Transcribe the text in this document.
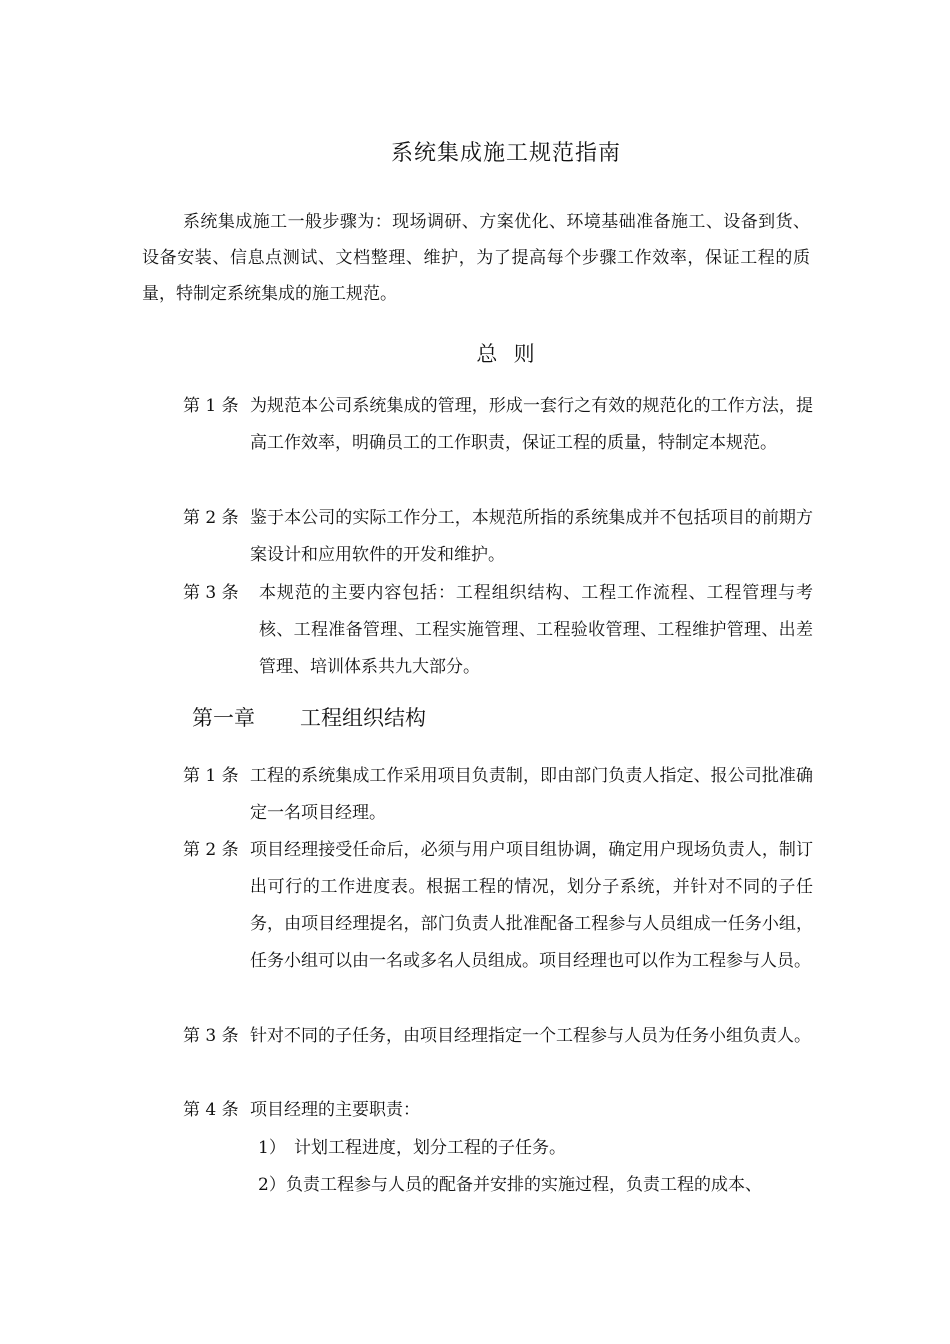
系统集成施工规范指南

系统集成施工一般步骤为：现场调研、方案优化、环境基础准备施工、设备到货、设备安装、信息点测试、文档整理、维护，为了提高每个步骤工作效率，保证工程的质量，特制定系统集成的施工规范。

总  则
第 1 条 为规范本公司系统集成的管理，形成一套行之有效的规范化的工作方法，提高工作效率，明确员工的工作职责，保证工程的质量，特制定本规范。
第 2 条 鉴于本公司的实际工作分工，本规范所指的系统集成并不包括项目的前期方案设计和应用软件的开发和维护。
第 3 条 本规范的主要内容包括：工程组织结构、工程工作流程、工程管理与考核、工程准备管理、工程实施管理、工程验收管理、工程维护管理、出差管理、培训体系共九大部分。
第一章 工程组织结构
第 1 条 工程的系统集成工作采用项目负责制，即由部门负责人指定、报公司批准确定一名项目经理。
第 2 条 项目经理接受任命后，必须与用户项目组协调，确定用户现场负责人，制订出可行的工作进度表。根据工程的情况，划分子系统，并针对不同的子任务，由项目经理提名，部门负责人批准配备工程参与人员组成一任务小组，任务小组可以由一名或多名人员组成。项目经理也可以作为工程参与人员。
第 3 条 针对不同的子任务，由项目经理指定一个工程参与人员为任务小组负责人。
第 4 条 项目经理的主要职责：
1） 计划工程进度，划分工程的子任务。
2）负责工程参与人员的配备并安排的实施过程，负责工程的成本、
